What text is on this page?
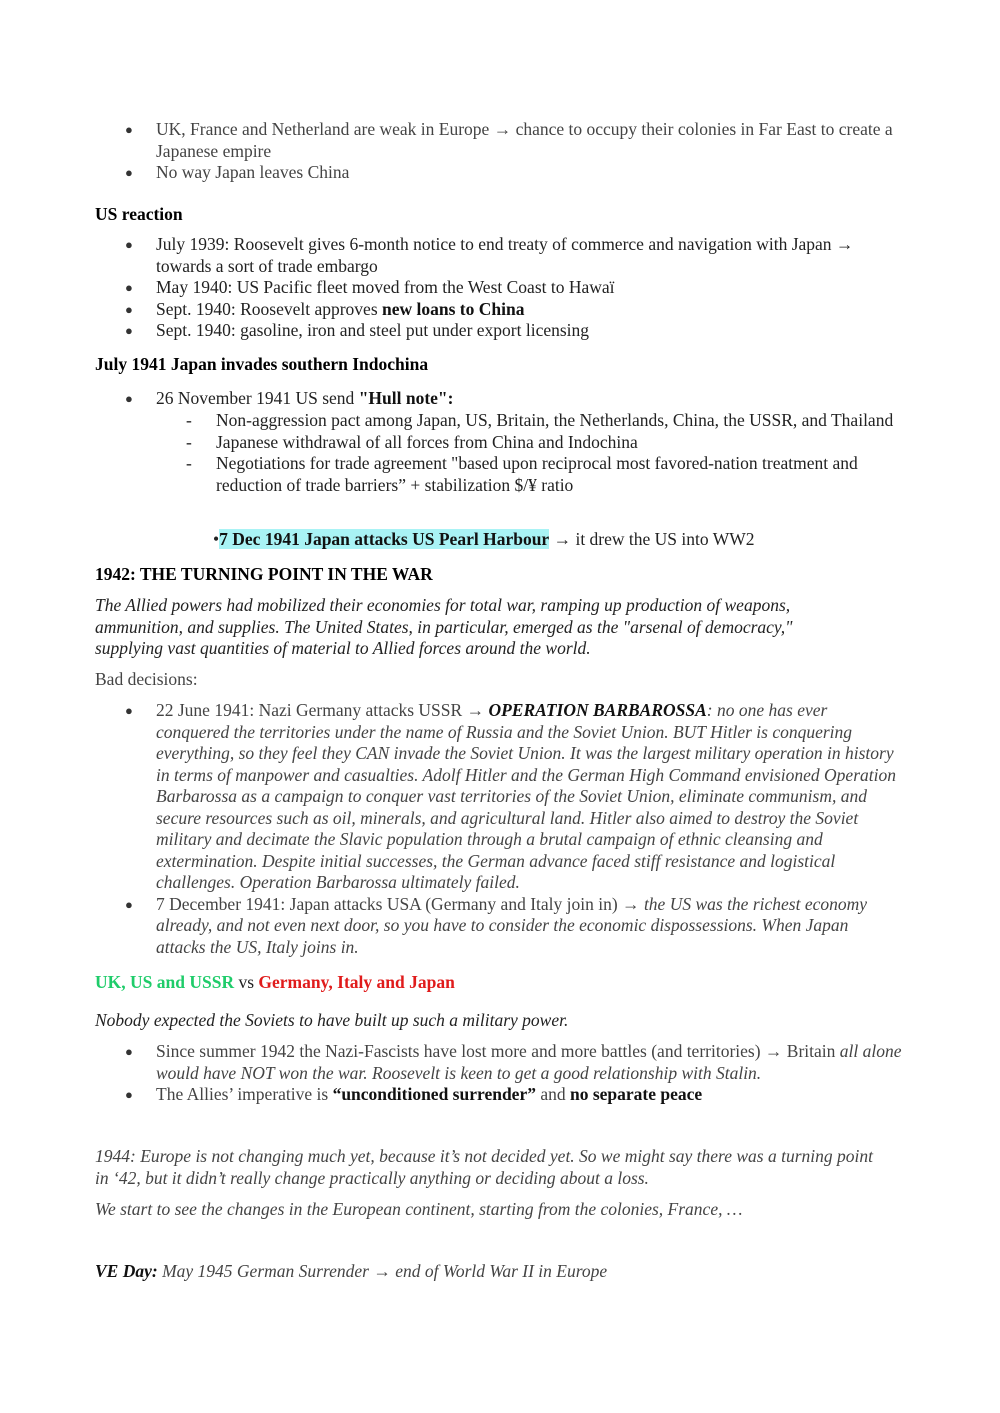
● UK, France and Netherland are weak in Europe → chance to occupy their colonies in Far East to create a Japanese empire
● No way Japan leaves China
US reaction
● July 1939: Roosevelt gives 6-month notice to end treaty of commerce and navigation with Japan → towards a sort of trade embargo
● May 1940: US Pacific fleet moved from the West Coast to Hawaï
● Sept. 1940: Roosevelt approves new loans to China
● Sept. 1940: gasoline, iron and steel put under export licensing
July 1941 Japan invades southern Indochina
● 26 November 1941 US send "Hull note":
- Non-aggression pact among Japan, US, Britain, the Netherlands, China, the USSR, and Thailand
- Japanese withdrawal of all forces from China and Indochina
- Negotiations for trade agreement "based upon reciprocal most favored-nation treatment and reduction of trade barriers” + stabilization $/¥ ratio
•7 Dec 1941 Japan attacks US Pearl Harbour → it drew the US into WW2
1942: THE TURNING POINT IN THE WAR
The Allied powers had mobilized their economies for total war, ramping up production of weapons, ammunition, and supplies. The United States, in particular, emerged as the "arsenal of democracy," supplying vast quantities of material to Allied forces around the world.
Bad decisions:
● 22 June 1941: Nazi Germany attacks USSR → OPERATION BARBAROSSA: no one has ever conquered the territories under the name of Russia and the Soviet Union. BUT Hitler is conquering everything, so they feel they CAN invade the Soviet Union. It was the largest military operation in history in terms of manpower and casualties. Adolf Hitler and the German High Command envisioned Operation Barbarossa as a campaign to conquer vast territories of the Soviet Union, eliminate communism, and secure resources such as oil, minerals, and agricultural land. Hitler also aimed to destroy the Soviet military and decimate the Slavic population through a brutal campaign of ethnic cleansing and extermination. Despite initial successes, the German advance faced stiff resistance and logistical challenges. Operation Barbarossa ultimately failed.
● 7 December 1941: Japan attacks USA (Germany and Italy join in) → the US was the richest economy already, and not even next door, so you have to consider the economic dispossessions. When Japan attacks the US, Italy joins in.
UK, US and USSR vs Germany, Italy and Japan
Nobody expected the Soviets to have built up such a military power.
● Since summer 1942 the Nazi-Fascists have lost more and more battles (and territories) → Britain all alone would have NOT won the war. Roosevelt is keen to get a good relationship with Stalin.
● The Allies’ imperative is “unconditioned surrender” and no separate peace
1944: Europe is not changing much yet, because it’s not decided yet. So we might say there was a turning point in ‘42, but it didn’t really change practically anything or deciding about a loss.
We start to see the changes in the European continent, starting from the colonies, France, …
VE Day: May 1945 German Surrender → end of World War II in Europe
